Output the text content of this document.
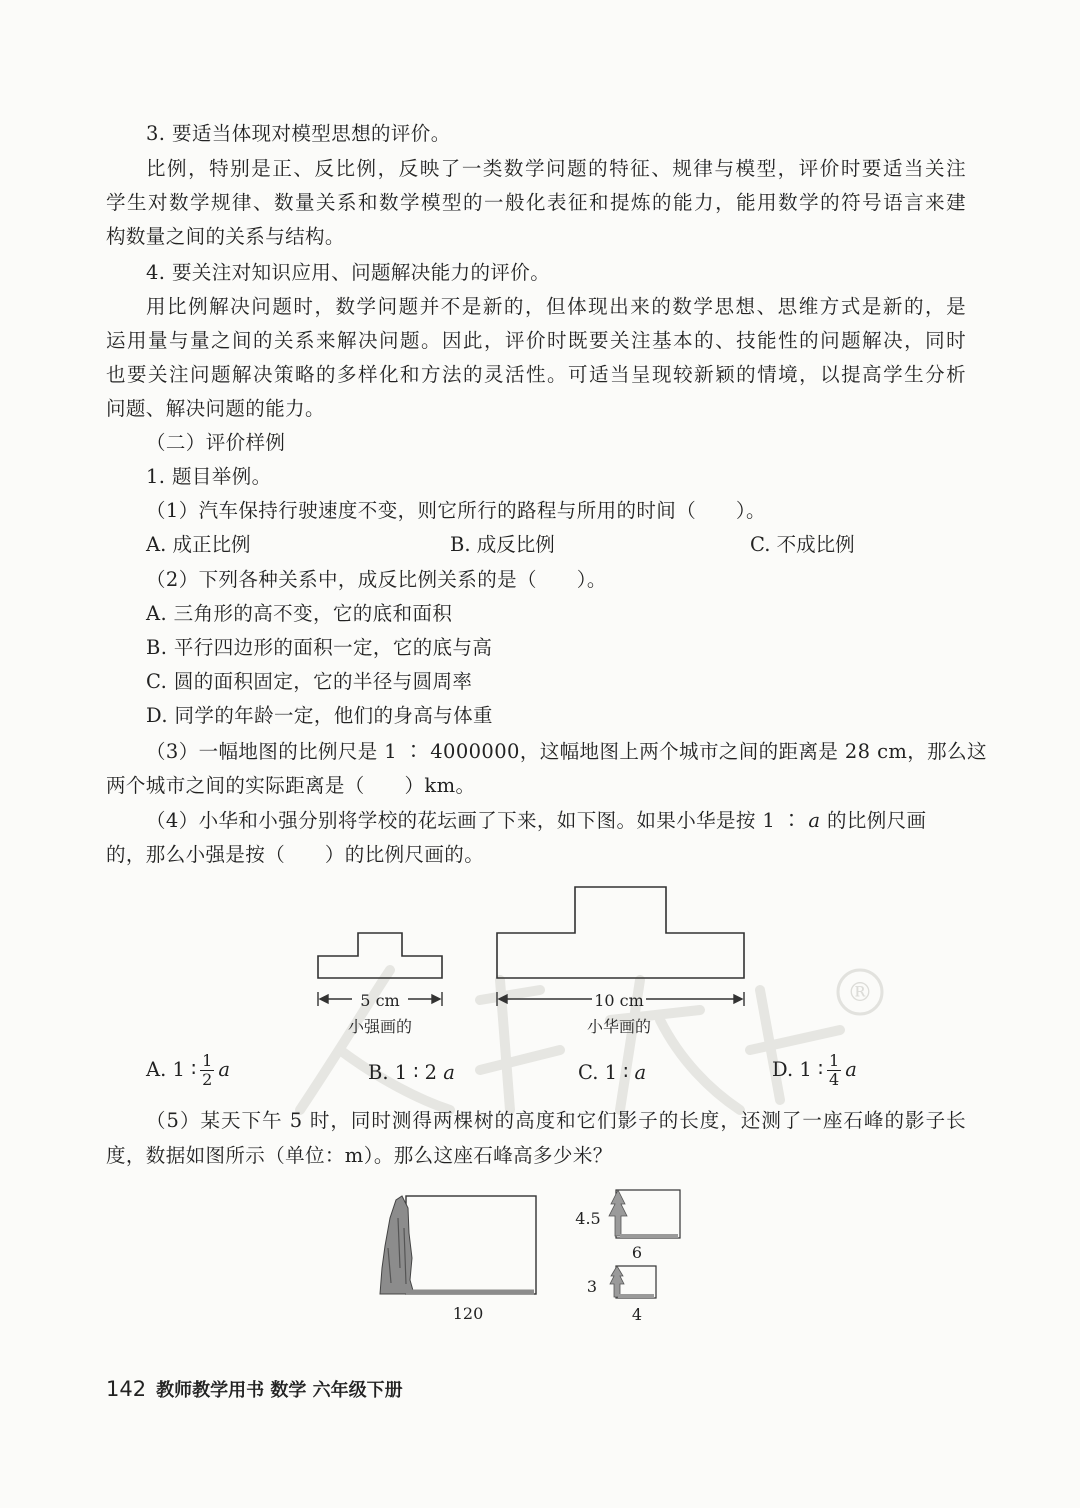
®
3. 要适当体现对模型思想的评价。
比例，特别是正、反比例，反映了一类数学问题的特征、规律与模型，评价时要适当关注
学生对数学规律、数量关系和数学模型的一般化表征和提炼的能力，能用数学的符号语言来建
构数量之间的关系与结构。
4. 要关注对知识应用、问题解决能力的评价。
用比例解决问题时，数学问题并不是新的，但体现出来的数学思想、思维方式是新的，是
运用量与量之间的关系来解决问题。因此，评价时既要关注基本的、技能性的问题解决，同时
也要关注问题解决策略的多样化和方法的灵活性。可适当呈现较新颖的情境，以提高学生分析
问题、解决问题的能力。
（二）评价样例
1. 题目举例。
（1）汽车保持行驶速度不变，则它所行的路程与所用的时间（　　）。
A. 成正比例	B. 成反比例	C. 不成比例
（2）下列各种关系中，成反比例关系的是（　　）。
A. 三角形的高不变，它的底和面积
B. 平行四边形的面积一定，它的底与高
C. 圆的面积固定，它的半径与圆周率
D. 同学的年龄一定，他们的身高与体重
（3）一幅地图的比例尺是 1 ∶ 4000000，这幅地图上两个城市之间的距离是 28 cm，那么这
两个城市之间的实际距离是（　　）km。
（4）小华和小强分别将学校的花坛画了下来，如下图。如果小华是按 1 ∶ a 的比例尺画
的，那么小强是按（　　）的比例尺画的。
5 cm
小强画的
10 cm
小华画的
A. 1 ∶ $\frac{1}{2}$ a	B. 1 ∶ 2 a	C. 1 ∶ a	D. 1 ∶ $\frac{1}{4}$ a
（5）某天下午 5 时，同时测得两棵树的高度和它们影子的长度，还测了一座石峰的影子长
度，数据如图所示（单位：m）。那么这座石峰高多少米？
120
4.5
6
3
4
142 教师教学用书 数学 六年级下册
